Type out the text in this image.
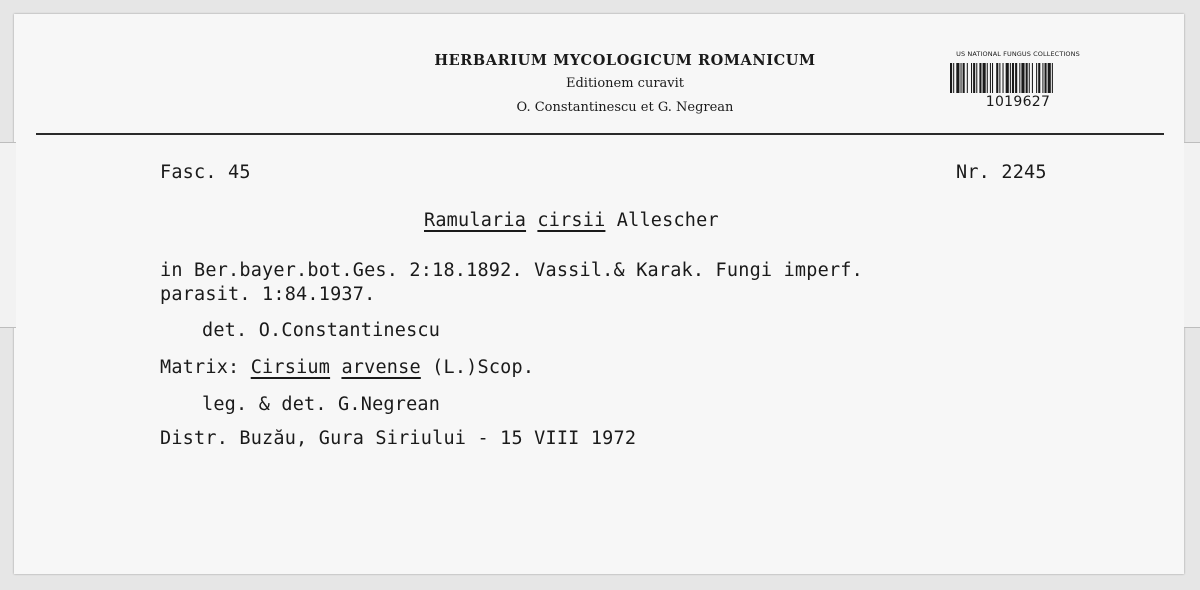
HERBARIUM MYCOLOGICUM ROMANICUM
Editionem curavit
O. Constantinescu et G. Negrean
US NATIONAL FUNGUS COLLECTIONS
1019627
Fasc. 45	Nr. 2245
Ramularia cirsii Allescher
in Ber.bayer.bot.Ges. 2:18.1892. Vassil.& Karak. Fungi imperf.
parasit. 1:84.1937.
det. O.Constantinescu
Matrix: Cirsium arvense (L.)Scop.
leg. & det. G.Negrean
Distr. Buzău, Gura Siriului - 15 VIII 1972
